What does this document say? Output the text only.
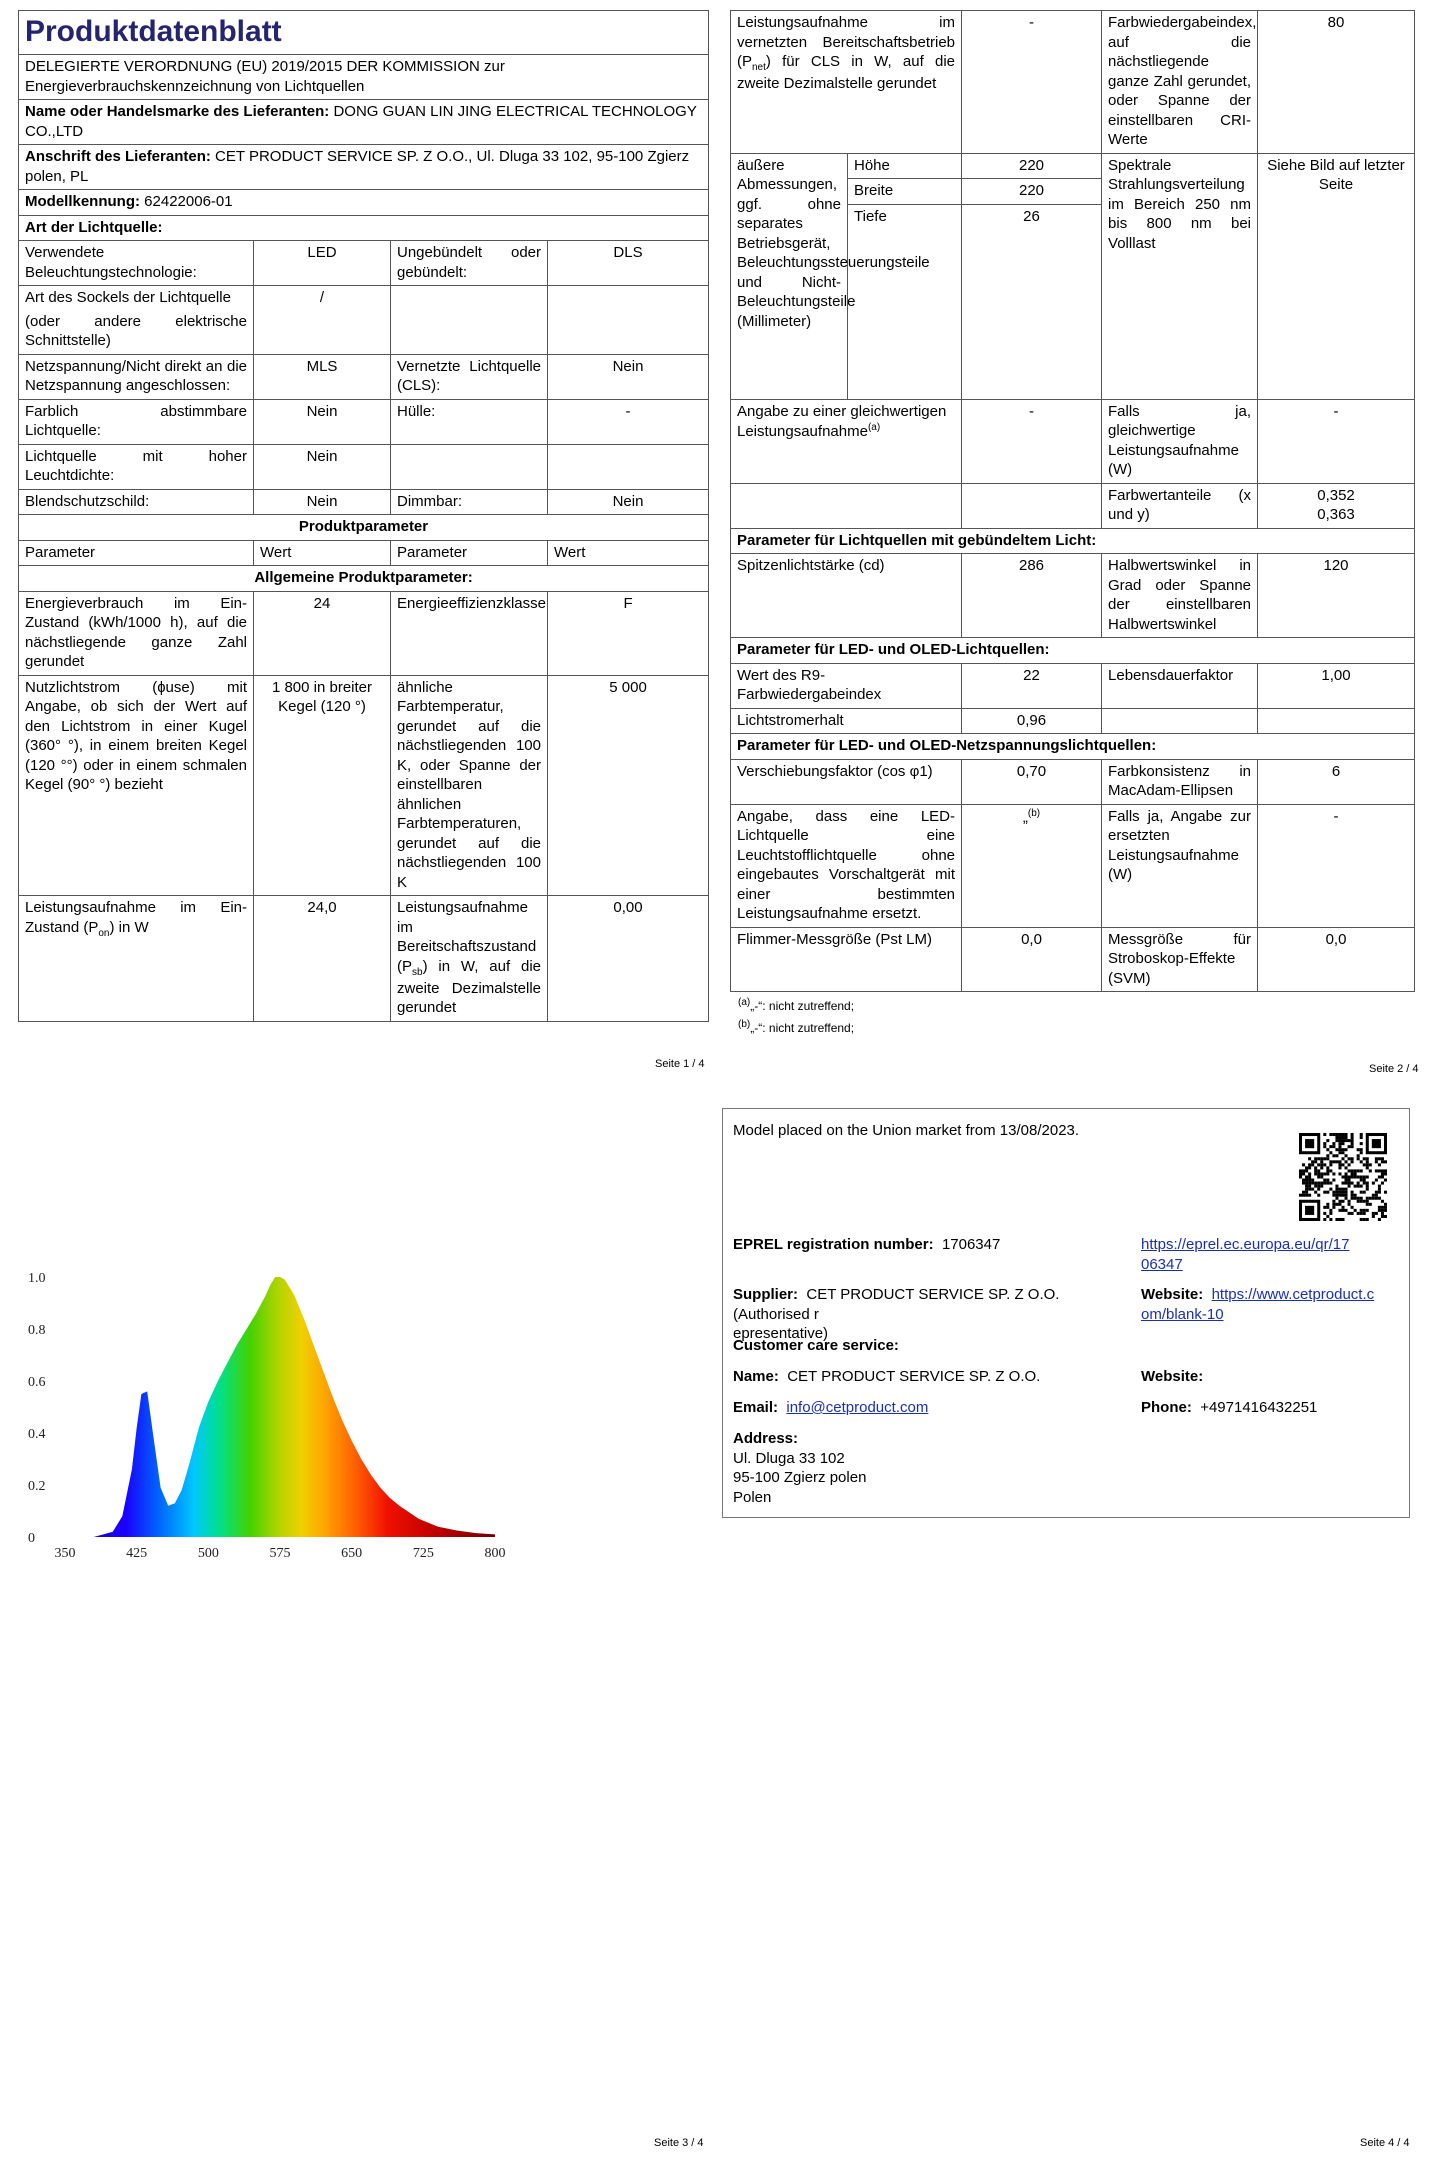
Produktdatenblatt			
DELEGIERTE VERORDNUNG (EU) 2019/2015 DER KOMMISSION zur Energieverbrauchskennzeichnung von Lichtquellen			
Name oder Handelsmarke des Lieferanten: DONG GUAN LIN JING ELECTRICAL TECHNOLOGY CO.,LTD			
Anschrift des Lieferanten: CET PRODUCT SERVICE SP. Z O.O., Ul. Dluga 33 102, 95-100 Zgierz polen, PL			
Modellkennung: 62422006-01			
Art der Lichtquelle:			
Verwendete Beleuchtungstechnologie:	LED	Ungebündelt oder gebündelt:	DLS

Art des Sockels der Lichtquelle
(oder andere elektrische Schnittstelle)	/		
Netzspannung/Nicht direkt an die Netzspannung angeschlossen:	MLS	Vernetzte Lichtquelle (CLS):	Nein
Farblich abstimmbare Lichtquelle:	Nein	Hülle:	-
Lichtquelle mit hoher Leuchtdichte:	Nein		
Blendschutzschild:	Nein	Dimmbar:	Nein
Produktparameter			
Parameter	Wert	Parameter	Wert
Allgemeine Produktparameter:			
Energieverbrauch im Ein-Zustand (kWh/1000 h), auf die nächstliegende ganze Zahl gerundet	24	Energieeffizienzklasse	F
Nutzlichtstrom (ɸuse) mit Angabe, ob sich der Wert auf den Lichtstrom in einer Kugel (360° °), in einem breiten Kegel (120 °°) oder in einem schmalen Kegel (90° °) bezieht	1 800 in breiter Kegel (120 °)	ähnliche Farbtemperatur, gerundet auf die nächstliegenden 100 K, oder Spanne der einstellbaren ähnlichen Farbtemperaturen, gerundet auf die nächstliegenden 100 K	5 000
Leistungsaufnahme im Ein-Zustand $(P_{on})$ in W	24,0	Leistungsaufnahme im Bereitschaftszustand $(P_{sb})$ in W, auf die zweite Dezimalstelle gerundet	0,00
Seite 1 / 4
Leistungsaufnahme im vernetzten Bereitschaftsbetrieb $(P_{net})$ für CLS in W, auf die zweite Dezimalstelle gerundet		-	Farbwiedergabeindex, auf die nächstliegende ganze Zahl gerundet, oder Spanne der einstellbaren CRI-Werte	80
äußere Abmessungen, ggf. ohne separates Betriebsgerät, Beleuchtungssteuerungsteile und Nicht-Beleuchtungsteile (Millimeter)	Höhe	220	Spektrale Strahlungsverteilung im Bereich 250 nm bis 800 nm bei Volllast	Siehe Bild auf letzter Seite
	Breite	220		
	Tiefe	26		

Angabe zu einer gleichwertigen Leistungsaufnahme$^{(a)}$		-	Falls ja, gleichwertige Leistungsaufnahme (W)	-
			Farbwertanteile (x und y)	0,352
0,363

Parameter für Lichtquellen mit gebündeltem Licht:				
Spitzenlichtstärke (cd)		286	Halbwertswinkel in Grad oder Spanne der einstellbaren Halbwertswinkel	120
Parameter für LED- und OLED-Lichtquellen:				
Wert des R9-Farbwiedergabeindex		22	Lebensdauerfaktor	1,00
Lichtstromerhalt		0,96		
Parameter für LED- und OLED-Netzspannungslichtquellen:				
Verschiebungsfaktor (cos φ1)		0,70	Farbkonsistenz in MacAdam-Ellipsen	6
Angabe, dass eine LED-Lichtquelle eine Leuchtstofflichtquelle ohne eingebautes Vorschaltgerät mit einer bestimmten Leistungsaufnahme ersetzt.		„$^{(b)}$	Falls ja, Angabe zur ersetzten Leistungsaufnahme (W)	-
Flimmer-Messgröße (Pst LM)		0,0	Messgröße für Stroboskop-Effekte (SVM)	0,0
$^{(a)}$„-“: nicht zutreffend;
$^{(b)}$„-“: nicht zutreffend;
Seite 2 / 4
350	425	500	575	650	725	800
0
0.2
0.4
0.6
0.8
1.0
Seite 3 / 4
Model placed on the Union market from 13/08/2023.
EPREL registration number: 1706347	https://eprel.ec.europa.eu/qr/17
06347
Supplier: CET PRODUCT SERVICE SP. Z O.O. (Authorised r
epresentative)
Website: https://www.cetproduct.c
om/blank-10
Customer care service:
Name: CET PRODUCT SERVICE SP. Z O.O.	Website:
Email: info@cetproduct.com	Phone: +4971416432251
Address:
Ul. Dluga 33 102
95-100 Zgierz polen
Polen
Seite 4 / 4
